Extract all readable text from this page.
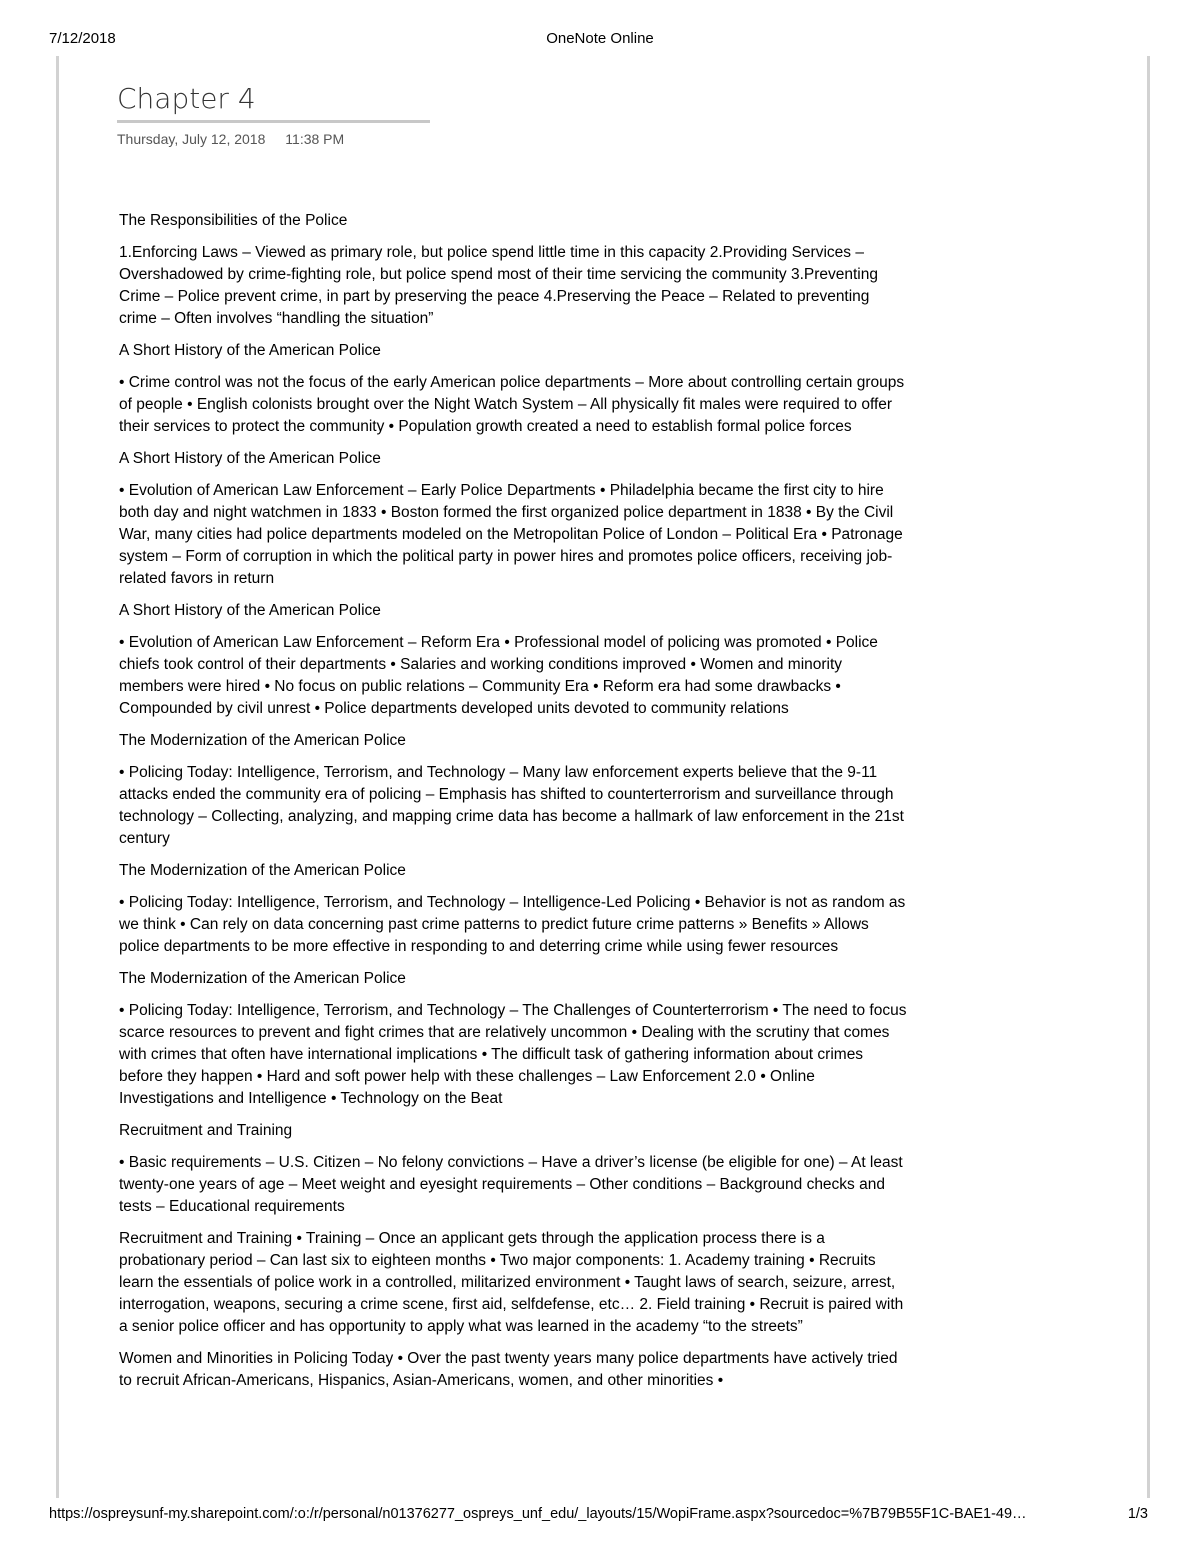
7/12/2018	OneNote Online
Chapter 4
Thursday, July 12, 2018 11:38 PM

The Responsibilities of the Police

1.Enforcing Laws – Viewed as primary role, but police spend little time in this capacity 2.Providing Services – Overshadowed by crime-fighting role, but police spend most of their time servicing the community 3.Preventing Crime – Police prevent crime, in part by preserving the peace 4.Preserving the Peace – Related to preventing crime – Often involves “handling the situation”

A Short History of the American Police

• Crime control was not the focus of the early American police departments – More about controlling certain groups of people • English colonists brought over the Night Watch System – All physically fit males were required to offer their services to protect the community • Population growth created a need to establish formal police forces

A Short History of the American Police

• Evolution of American Law Enforcement – Early Police Departments • Philadelphia became the first city to hire both day and night watchmen in 1833 • Boston formed the first organized police department in 1838 • By the Civil War, many cities had police departments modeled on the Metropolitan Police of London – Political Era • Patronage system – Form of corruption in which the political party in power hires and promotes police officers, receiving job-related favors in return

A Short History of the American Police

• Evolution of American Law Enforcement – Reform Era • Professional model of policing was promoted • Police chiefs took control of their departments • Salaries and working conditions improved • Women and minority members were hired • No focus on public relations – Community Era • Reform era had some drawbacks • Compounded by civil unrest • Police departments developed units devoted to community relations

The Modernization of the American Police

• Policing Today: Intelligence, Terrorism, and Technology – Many law enforcement experts believe that the 9-11 attacks ended the community era of policing – Emphasis has shifted to counterterrorism and surveillance through technology – Collecting, analyzing, and mapping crime data has become a hallmark of law enforcement in the 21st century

The Modernization of the American Police

• Policing Today: Intelligence, Terrorism, and Technology – Intelligence-Led Policing • Behavior is not as random as we think • Can rely on data concerning past crime patterns to predict future crime patterns » Benefits » Allows police departments to be more effective in responding to and deterring crime while using fewer resources

The Modernization of the American Police

• Policing Today: Intelligence, Terrorism, and Technology – The Challenges of Counterterrorism • The need to focus scarce resources to prevent and fight crimes that are relatively uncommon • Dealing with the scrutiny that comes with crimes that often have international implications • The difficult task of gathering information about crimes before they happen • Hard and soft power help with these challenges – Law Enforcement 2.0 • Online Investigations and Intelligence • Technology on the Beat

Recruitment and Training

• Basic requirements – U.S. Citizen – No felony convictions – Have a driver’s license (be eligible for one) – At least twenty-one years of age – Meet weight and eyesight requirements – Other conditions – Background checks and tests – Educational requirements

Recruitment and Training • Training – Once an applicant gets through the application process there is a probationary period – Can last six to eighteen months • Two major components: 1. Academy training • Recruits learn the essentials of police work in a controlled, militarized environment • Taught laws of search, seizure, arrest, interrogation, weapons, securing a crime scene, first aid, selfdefense, etc… 2. Field training • Recruit is paired with a senior police officer and has opportunity to apply what was learned in the academy “to the streets”

Women and Minorities in Policing Today • Over the past twenty years many police departments have actively tried to recruit African-Americans, Hispanics, Asian-Americans, women, and other minorities •

https://ospreysunf-my.sharepoint.com/:o:/r/personal/n01376277_ospreys_unf_edu/_layouts/15/WopiFrame.aspx?sourcedoc=%7B79B55F1C-BAE1-49…	1/3
